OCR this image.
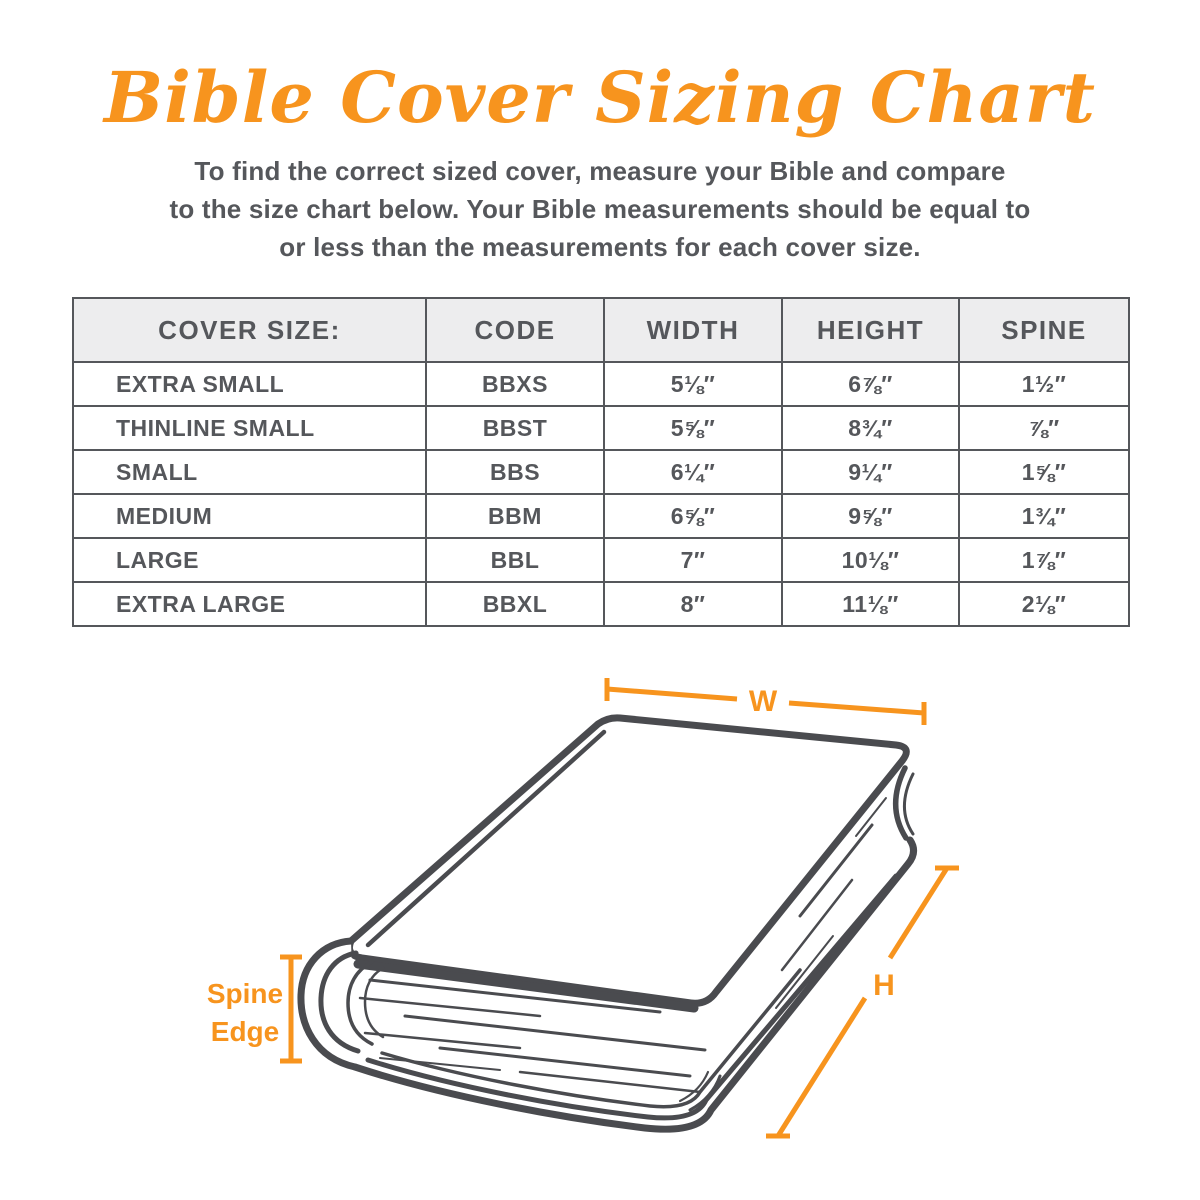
Bible Cover Sizing Chart
To find the correct sized cover, measure your Bible and compare
to the size chart below. Your Bible measurements should be equal to
or less than the measurements for each cover size.
COVER SIZE:	CODE	WIDTH	HEIGHT	SPINE
EXTRA SMALL	BBXS	5⅛″	6⅞″	1½″
THINLINE SMALL	BBST	5⅝″	8¾″	⅞″
SMALL	BBS	6¼″	9¼″	1⅝″
MEDIUM	BBM	6⅝″	9⅝″	1¾″
LARGE	BBL	7″	10⅛″	1⅞″
EXTRA LARGE	BBXL	8″	11⅛″	2⅛″
W
H
Spine
Edge
